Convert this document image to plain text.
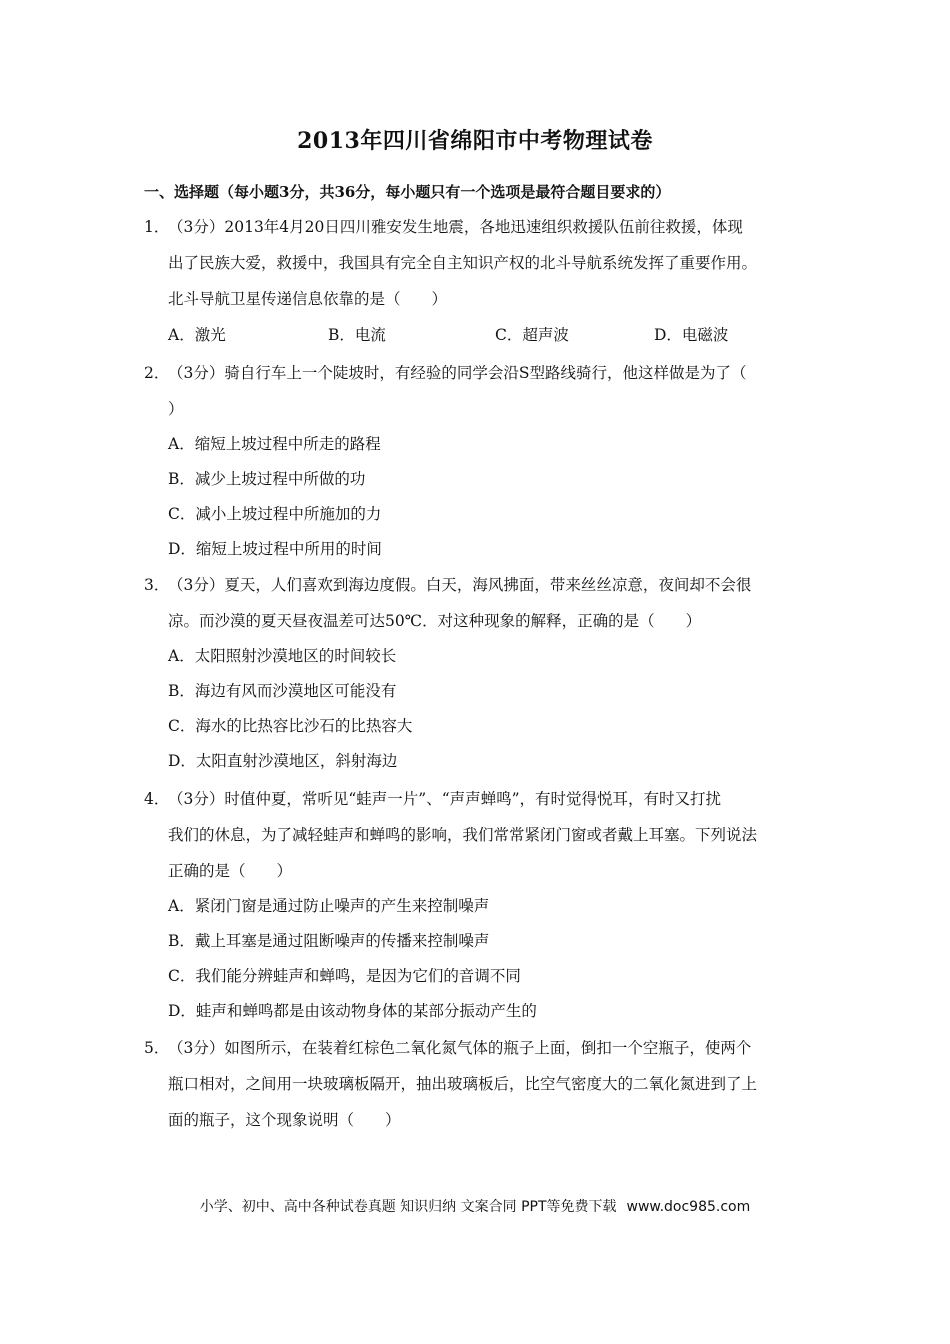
2013年四川省绵阳市中考物理试卷
一、选择题（每小题3分，共36分，每小题只有一个选项是最符合题目要求的）
1．（3分）2013年4月20日四川雅安发生地震，各地迅速组织救援队伍前往救援，体现
出了民族大爱，救援中，我国具有完全自主知识产权的北斗导航系统发挥了重要作用。
北斗导航卫星传递信息依靠的是（　　）
A．激光	B．电流	C．超声波	D．电磁波
2．（3分）骑自行车上一个陡坡时，有经验的同学会沿S型路线骑行，他这样做是为了（
）
A．缩短上坡过程中所走的路程
B．减少上坡过程中所做的功
C．减小上坡过程中所施加的力
D．缩短上坡过程中所用的时间
3．（3分）夏天，人们喜欢到海边度假。白天，海风拂面，带来丝丝凉意，夜间却不会很
凉。而沙漠的夏天昼夜温差可达50℃．对这种现象的解释，正确的是（　　）
A．太阳照射沙漠地区的时间较长
B．海边有风而沙漠地区可能没有
C．海水的比热容比沙石的比热容大
D．太阳直射沙漠地区，斜射海边
4．（3分）时值仲夏，常听见“蛙声一片”、“声声蝉鸣”，有时觉得悦耳，有时又打扰
我们的休息，为了减轻蛙声和蝉鸣的影响，我们常常紧闭门窗或者戴上耳塞。下列说法
正确的是（　　）
A．紧闭门窗是通过防止噪声的产生来控制噪声
B．戴上耳塞是通过阻断噪声的传播来控制噪声
C．我们能分辨蛙声和蝉鸣，是因为它们的音调不同
D．蛙声和蝉鸣都是由该动物身体的某部分振动产生的
5．（3分）如图所示，在装着红棕色二氧化氮气体的瓶子上面，倒扣一个空瓶子，使两个
瓶口相对，之间用一块玻璃板隔开，抽出玻璃板后，比空气密度大的二氧化氮进到了上
面的瓶子，这个现象说明（　　）
小学、初中、高中各种试卷真题 知识归纳 文案合同 PPT等免费下载 www.doc985.com
